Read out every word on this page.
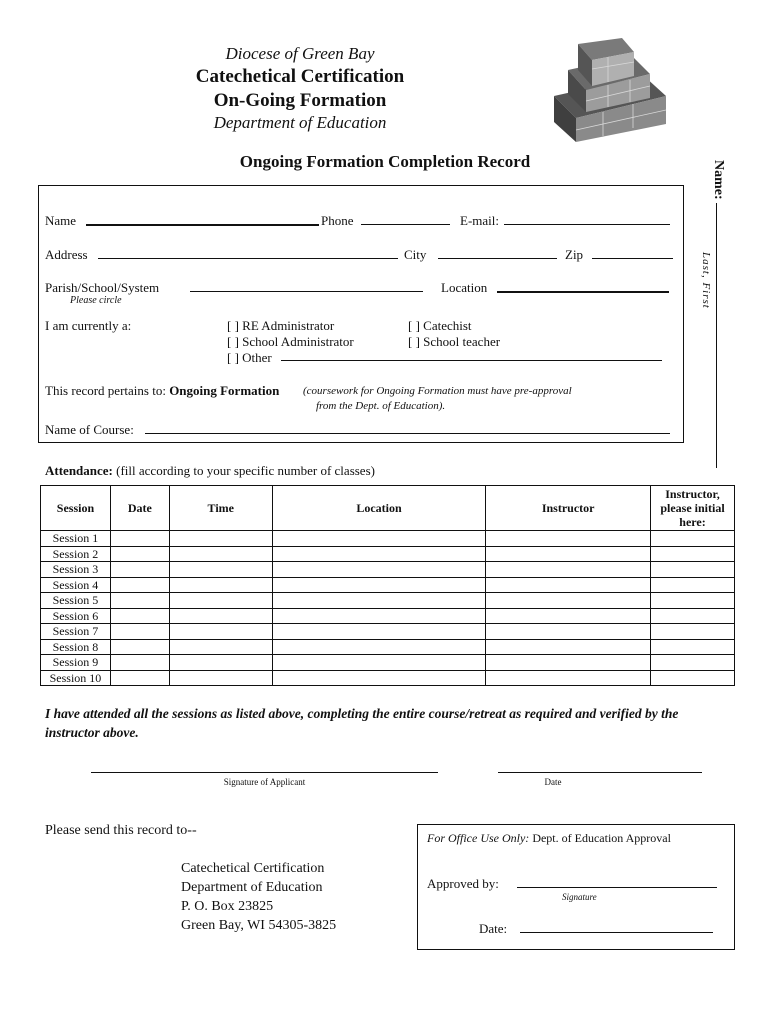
Diocese of Green Bay
Catechetical Certification
On-Going Formation
Department of Education
Ongoing Formation Completion Record	Name:
Last, First
Name	Phone	E-mail:
Address	City	Zip
Parish/School/System
Please circle
Location
I am currently a:	[ ] RE Administrator	[ ] Catechist
[ ] School Administrator	[ ] School teacher
[ ] Other
This record pertains to: Ongoing Formation (coursework for Ongoing Formation must have pre-approval
from the Dept. of Education).
Name of Course:
Attendance: (fill according to your specific number of classes)
Session	Date	Time	Location	Instructor	Instructor, please initial here:
Session 1					
Session 2					
Session 3					
Session 4					
Session 5					
Session 6					
Session 7					
Session 8					
Session 9					
Session 10					
I have attended all the sessions as listed above, completing the entire course/retreat as required and verified by the instructor above.
Signature of Applicant	Date
Please send this record to--
Catechetical Certification
Department of Education
P. O. Box 23825
Green Bay, WI 54305-3825
For Office Use Only: Dept. of Education Approval
Approved by:
Signature
Date:
